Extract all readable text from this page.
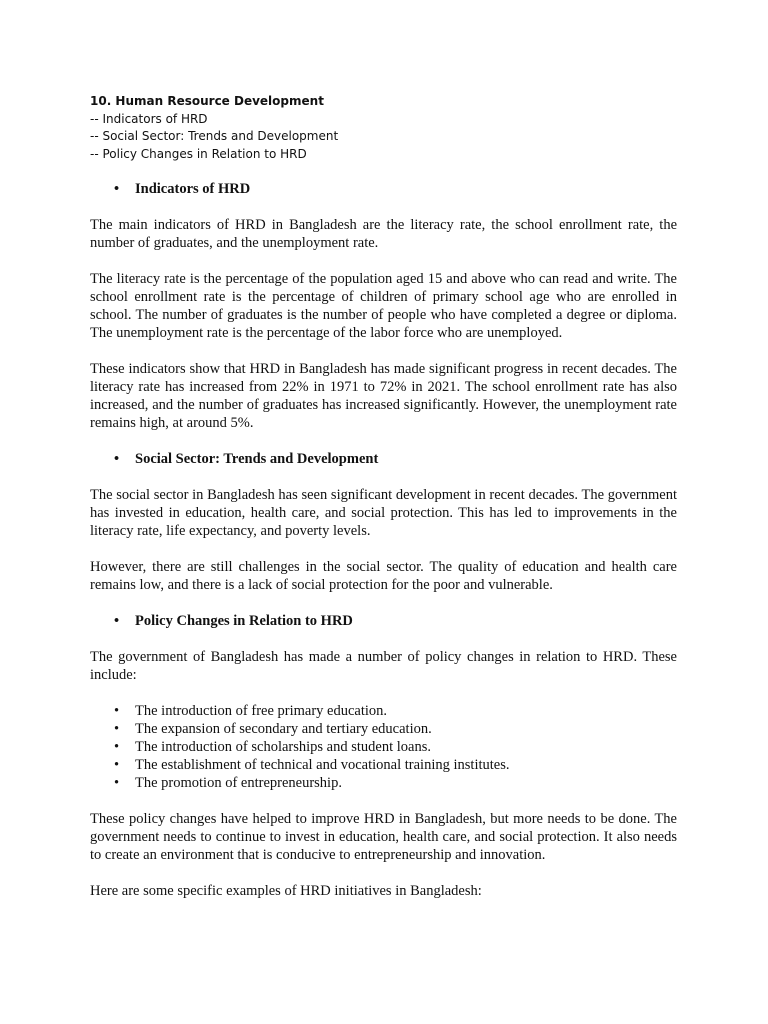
10. Human Resource Development
-- Indicators of HRD
-- Social Sector: Trends and Development
-- Policy Changes in Relation to HRD
• Indicators of HRD

The main indicators of HRD in Bangladesh are the literacy rate, the school enrollment rate, the number of graduates, and the unemployment rate.

The literacy rate is the percentage of the population aged 15 and above who can read and write. The school enrollment rate is the percentage of children of primary school age who are enrolled in school. The number of graduates is the number of people who have completed a degree or diploma. The unemployment rate is the percentage of the labor force who are unemployed.

These indicators show that HRD in Bangladesh has made significant progress in recent decades. The literacy rate has increased from 22% in 1971 to 72% in 2021. The school enrollment rate has also increased, and the number of graduates has increased significantly. However, the unemployment rate remains high, at around 5%.

• Social Sector: Trends and Development

The social sector in Bangladesh has seen significant development in recent decades. The government has invested in education, health care, and social protection. This has led to improvements in the literacy rate, life expectancy, and poverty levels.

However, there are still challenges in the social sector. The quality of education and health care remains low, and there is a lack of social protection for the poor and vulnerable.

• Policy Changes in Relation to HRD

The government of Bangladesh has made a number of policy changes in relation to HRD. These include:

• The introduction of free primary education.
• The expansion of secondary and tertiary education.
• The introduction of scholarships and student loans.
• The establishment of technical and vocational training institutes.
• The promotion of entrepreneurship.

These policy changes have helped to improve HRD in Bangladesh, but more needs to be done. The government needs to continue to invest in education, health care, and social protection. It also needs to create an environment that is conducive to entrepreneurship and innovation.

Here are some specific examples of HRD initiatives in Bangladesh:
